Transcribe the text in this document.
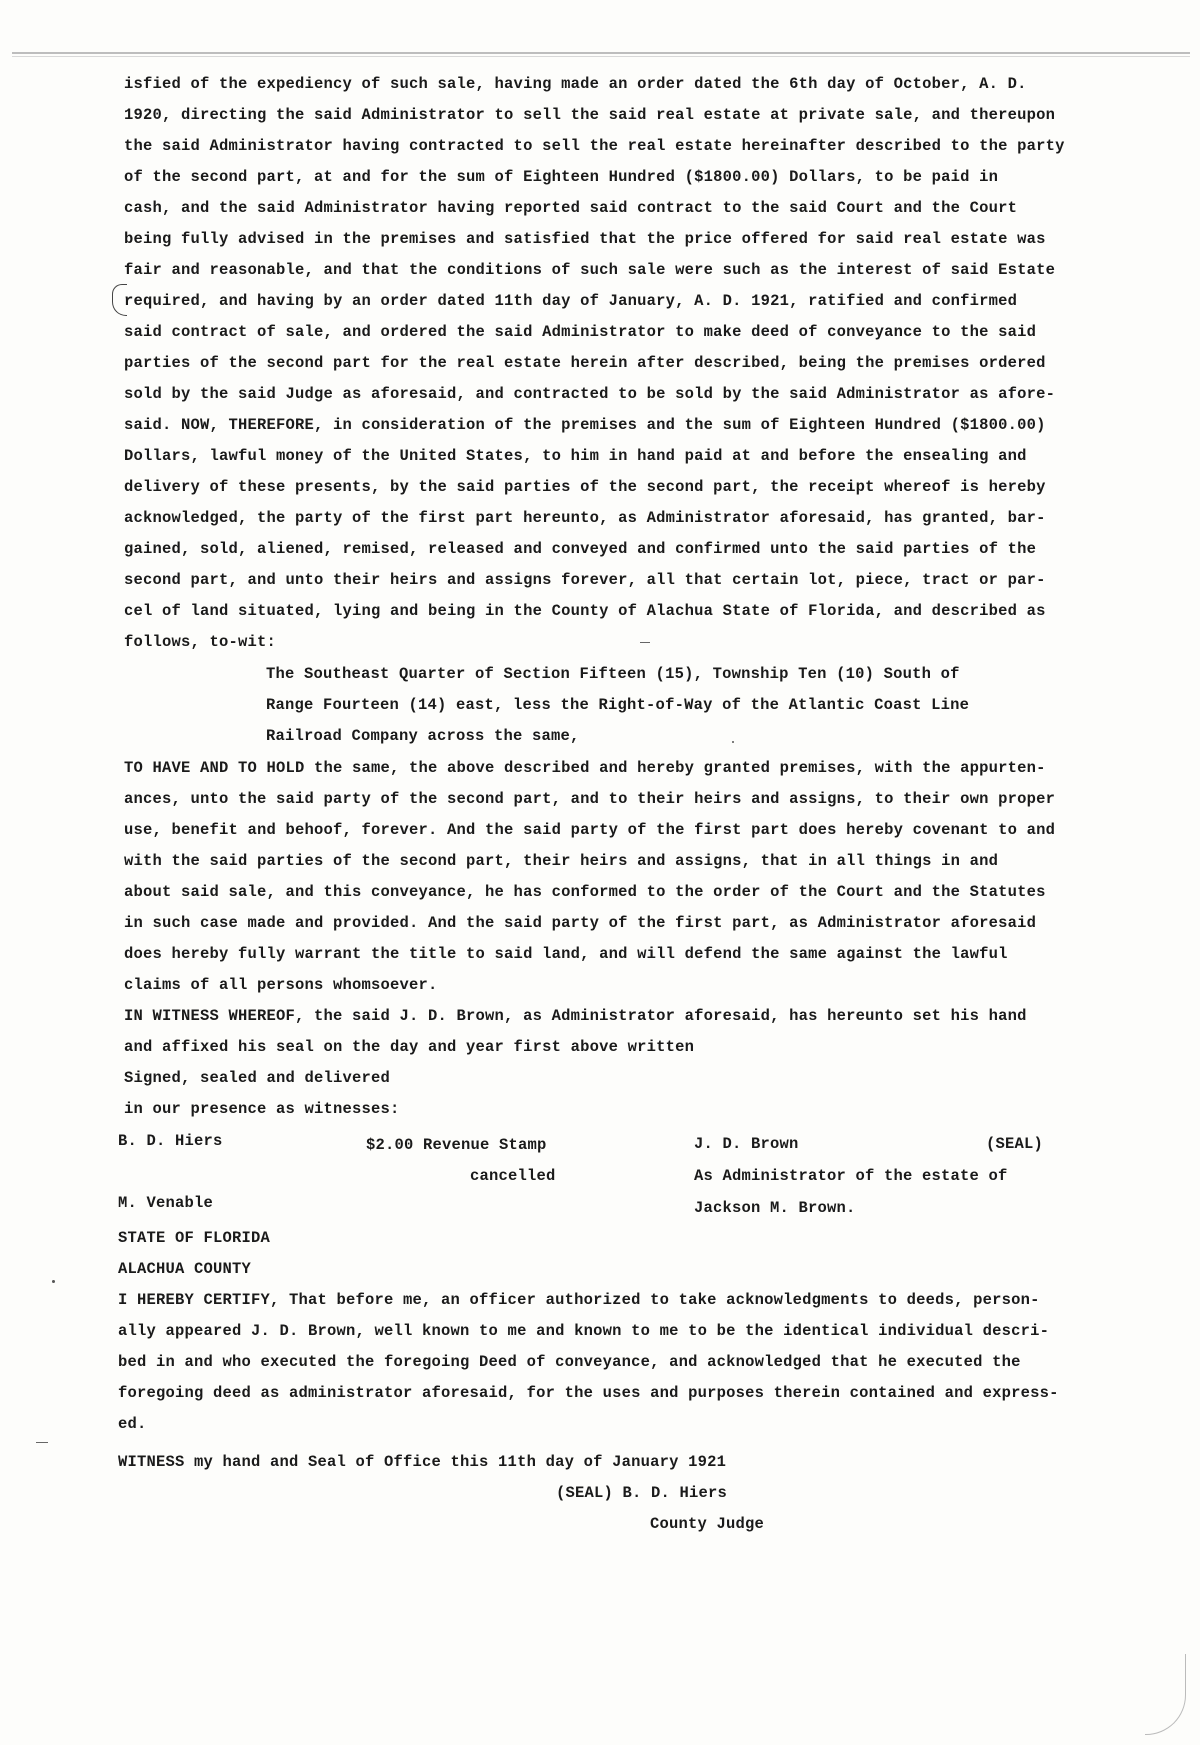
isfied of the expediency of such sale, having made an order dated the 6th day of October, A. D.
1920, directing the said Administrator to sell the said real estate at private sale, and thereupon
the said Administrator having contracted to sell the real estate hereinafter described to the party
of the second part, at and for the sum of Eighteen Hundred ($1800.00) Dollars, to be paid in
cash, and the said Administrator having reported said contract to the said Court and the Court
being fully advised in the premises and satisfied that the price offered for said real estate was
fair and reasonable, and that the conditions of such sale were such as the interest of said Estate
required, and having by an order dated 11th day of January, A. D. 1921, ratified and confirmed
said contract of sale, and ordered the said Administrator to make deed of conveyance to the said
parties of the second part for the real estate herein after described, being the premises ordered
sold by the said Judge as aforesaid, and contracted to be sold by the said Administrator as afore-
said. NOW, THEREFORE, in consideration of the premises and the sum of Eighteen Hundred ($1800.00)
Dollars, lawful money of the United States, to him in hand paid at and before the ensealing and
delivery of these presents, by the said parties of the second part, the receipt whereof is hereby
acknowledged, the party of the first part hereunto, as Administrator aforesaid, has granted, bar-
gained, sold, aliened, remised, released and conveyed and confirmed unto the said parties of the
second part, and unto their heirs and assigns forever, all that certain lot, piece, tract or par-
cel of land situated, lying and being in the County of Alachua State of Florida, and described as
follows, to-wit:
The Southeast Quarter of Section Fifteen (15), Township Ten (10) South of
Range Fourteen (14) east, less the Right-of-Way of the Atlantic Coast Line
Railroad Company across the same,
TO HAVE AND TO HOLD the same, the above described and hereby granted premises, with the appurten-
ances, unto the said party of the second part, and to their heirs and assigns, to their own proper
use, benefit and behoof, forever. And the said party of the first part does hereby covenant to and
with the said parties of the second part, their heirs and assigns, that in all things in and
about said sale, and this conveyance, he has conformed to the order of the Court and the Statutes
in such case made and provided. And the said party of the first part, as Administrator aforesaid
does hereby fully warrant the title to said land, and will defend the same against the lawful
claims of all persons whomsoever.
IN WITNESS WHEREOF, the said J. D. Brown, as Administrator aforesaid, has hereunto set his hand
and affixed his seal on the day and year first above written
Signed, sealed and delivered
in our presence as witnesses:
B. D. Hiers	$2.00 Revenue Stamp
cancelled
J. D. Brown	(SEAL)
As Administrator of the estate of
M. Venable	Jackson M. Brown.
STATE OF FLORIDA
ALACHUA COUNTY
I HEREBY CERTIFY, That before me, an officer authorized to take acknowledgments to deeds, person-
ally appeared J. D. Brown, well known to me and known to me to be the identical individual descri-
bed in and who executed the foregoing Deed of conveyance, and acknowledged that he executed the
foregoing deed as administrator aforesaid, for the uses and purposes therein contained and express-
ed.
WITNESS my hand and Seal of Office this 11th day of January 1921
(SEAL) B. D. Hiers
County Judge
